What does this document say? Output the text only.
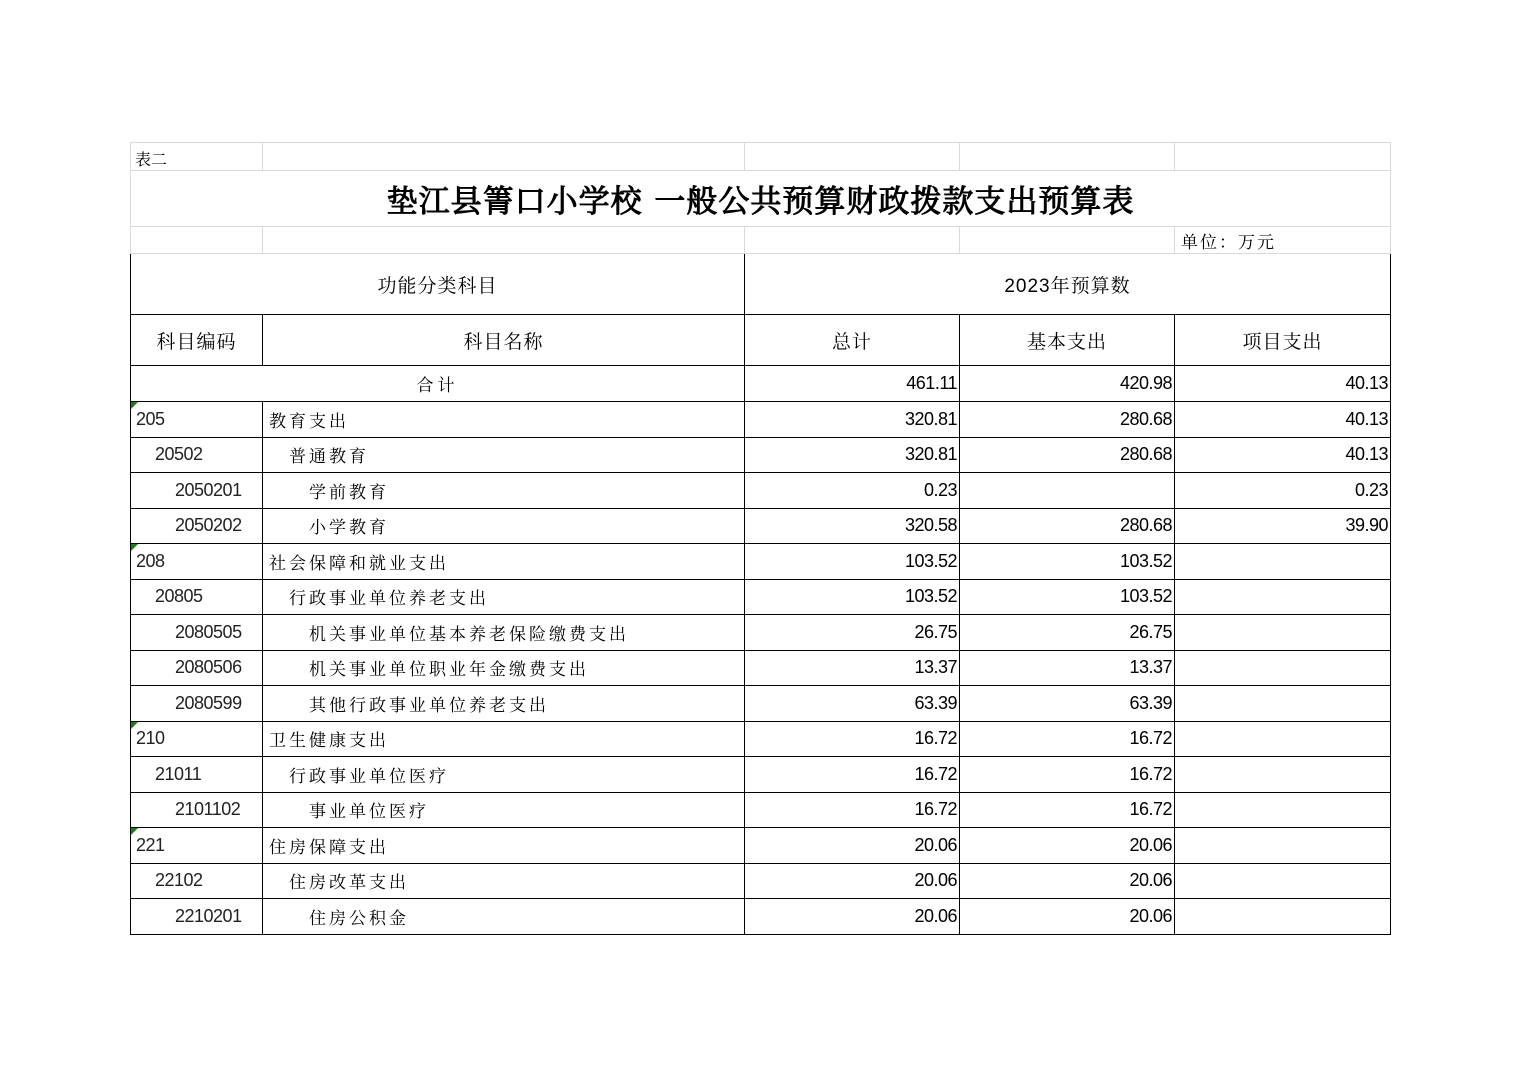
表二				
垫江县箐口小学校 一般公共预算财政拨款支出预算表				
				单位：万元
功能分类科目		2023年预算数		
科目编码	科目名称	总计	基本支出	项目支出
合计		461.11	420.98	40.13
205	教育支出	320.81	280.68	40.13
20502	普通教育	320.81	280.68	40.13
2050201	学前教育	0.23		0.23
2050202	小学教育	320.58	280.68	39.90
208	社会保障和就业支出	103.52	103.52	
20805	行政事业单位养老支出	103.52	103.52	
2080505	机关事业单位基本养老保险缴费支出	26.75	26.75	
2080506	机关事业单位职业年金缴费支出	13.37	13.37	
2080599	其他行政事业单位养老支出	63.39	63.39	
210	卫生健康支出	16.72	16.72	
21011	行政事业单位医疗	16.72	16.72	
2101102	事业单位医疗	16.72	16.72	
221	住房保障支出	20.06	20.06	
22102	住房改革支出	20.06	20.06	
2210201	住房公积金	20.06	20.06	
